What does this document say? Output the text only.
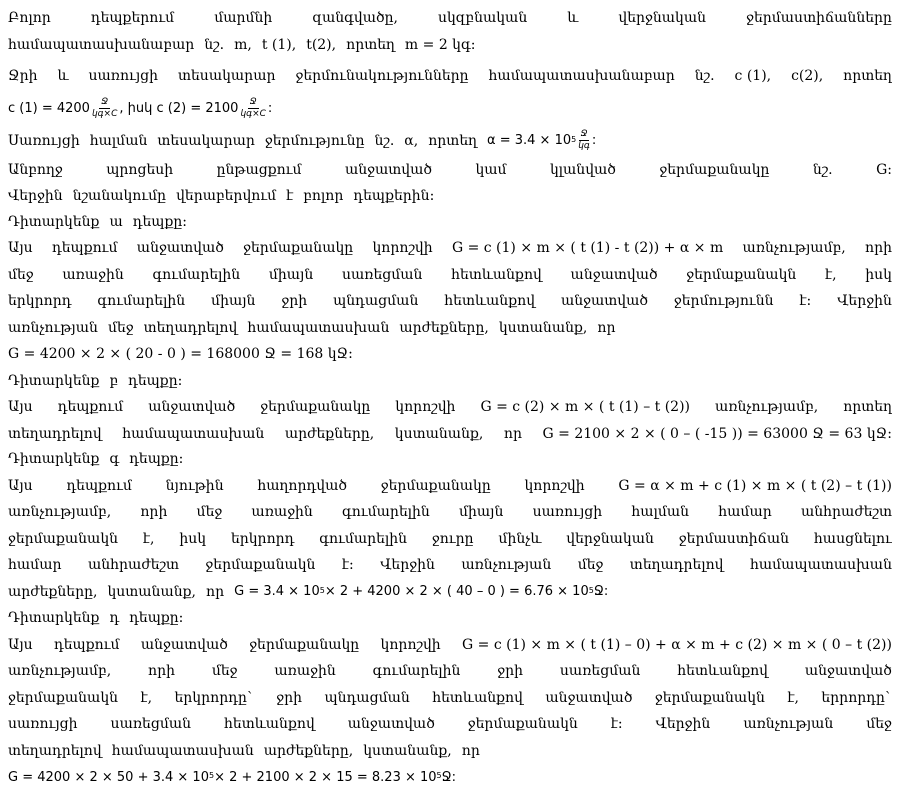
Բոլոր	դեպքերում	մարմնի	զանգվածը,	սկզբնական	և	վերջնական	ջերմաստիճանները
համապատասխանաբար նշ. m, t (1), t(2), որտեղ m = 2 կգ:
Ջրի և սառույցի տեսակարար ջերմունակությունները համապատասխանաբար նշ. c (1), c(2), որտեղ
c $(1) = 4200 \frac{\text{Ջ}}{\text{կգ×C}}$ , իսկ c $(2) = 2100 \frac{\text{Ջ}}{\text{կգ×C}}$ :
Սառույցի հալման տեսակարար ջերմությունը նշ. α, որտեղ α = 3.4 × 10 $^5 \frac{\text{Ջ}}{\text{կգ}}$ :
Անբողջ	պրոցեսի	ընթացքում	անջատված	կամ	կլանված	ջերմաքանակը	նշ.	G:
Վերջին նշանակումը վերաբերվում է բոլոր դեպքերին:
Դիտարկենք ա դեպքը:
Այս դեպքում անջատված ջերմաքանակը կորոշվի G = c (1) × m × ( t (1) - t (2)) + α × m առնչությամբ, որի
մեջ առաջին գումարելին միայն սառեցման հետևանքով անջատված ջերմաքանակն է, իսկ
երկրորդ գումարելին միայն ջրի պնդացման հետևանքով անջատված ջերմությունն է: Վերջին
առնչության մեջ տեղադրելով համապատասխան արժեքները, կստանանք, որ
G = 4200 × 2 × ( 20 - 0 ) = 168000 Ջ = 168 կՋ:
Դիտարկենք բ դեպքը:
Այս դեպքում անջատված ջերմաքանակը կորոշվի G = c (2) × m × ( t (1) – t (2)) առնչությամբ, որտեղ
տեղադրելով համապատասխան արժեքները, կստանանք, որ G = 2100 × 2 × ( 0 – ( -15 )) = 63000 Ջ = 63 կՋ:
Դիտարկենք գ դեպքը:
Այս դեպքում նյութին հաղորդված ջերմաքանակը կորոշվի G = α × m + c (1) × m × ( t (2) – t (1))
առնչությամբ, որի մեջ առաջին գումարելին միայն սառույցի հալման համար անհրաժեշտ
ջերմաքանակն է, իսկ երկրորդ գումարելին ջուրը մինչև վերջնական ջերմաստիճան հասցնելու
համար անհրաժեշտ ջերմաքանակն է: Վերջին առնչության մեջ տեղադրելով համապատասխան
արժեքները, կստանանք, որ G = 3.4 × 10 $^5$ × 2 + 4200 × 2 × ( 40 – 0 ) = 6.76 × 10 $^5$ Ջ:
Դիտարկենք դ դեպքը:
Այս դեպքում անջատված ջերմաքանակը կորոշվի G = c (1) × m × ( t (1) – 0) + α × m + c (2) × m × ( 0 – t (2))
առնչությամբ,	որի	մեջ	առաջին	գումարելին	ջրի	սառեցման	հետևանքով	անջատված
ջերմաքանակն է, երկրորդը` ջրի պնդացման հետևանքով անջատված ջերմաքանակն է, երրորդը`
սառույցի սառեցման հետևանքով անջատված ջերմաքանակն է: Վերջին առնչության մեջ
տեղադրելով համապատասխան արժեքները, կստանանք, որ
G = 4200 × 2 × 50 + 3.4 × 10 $^5$ × 2 + 2100 × 2 × 15 = 8.23 × 10 $^5$ Ջ:
